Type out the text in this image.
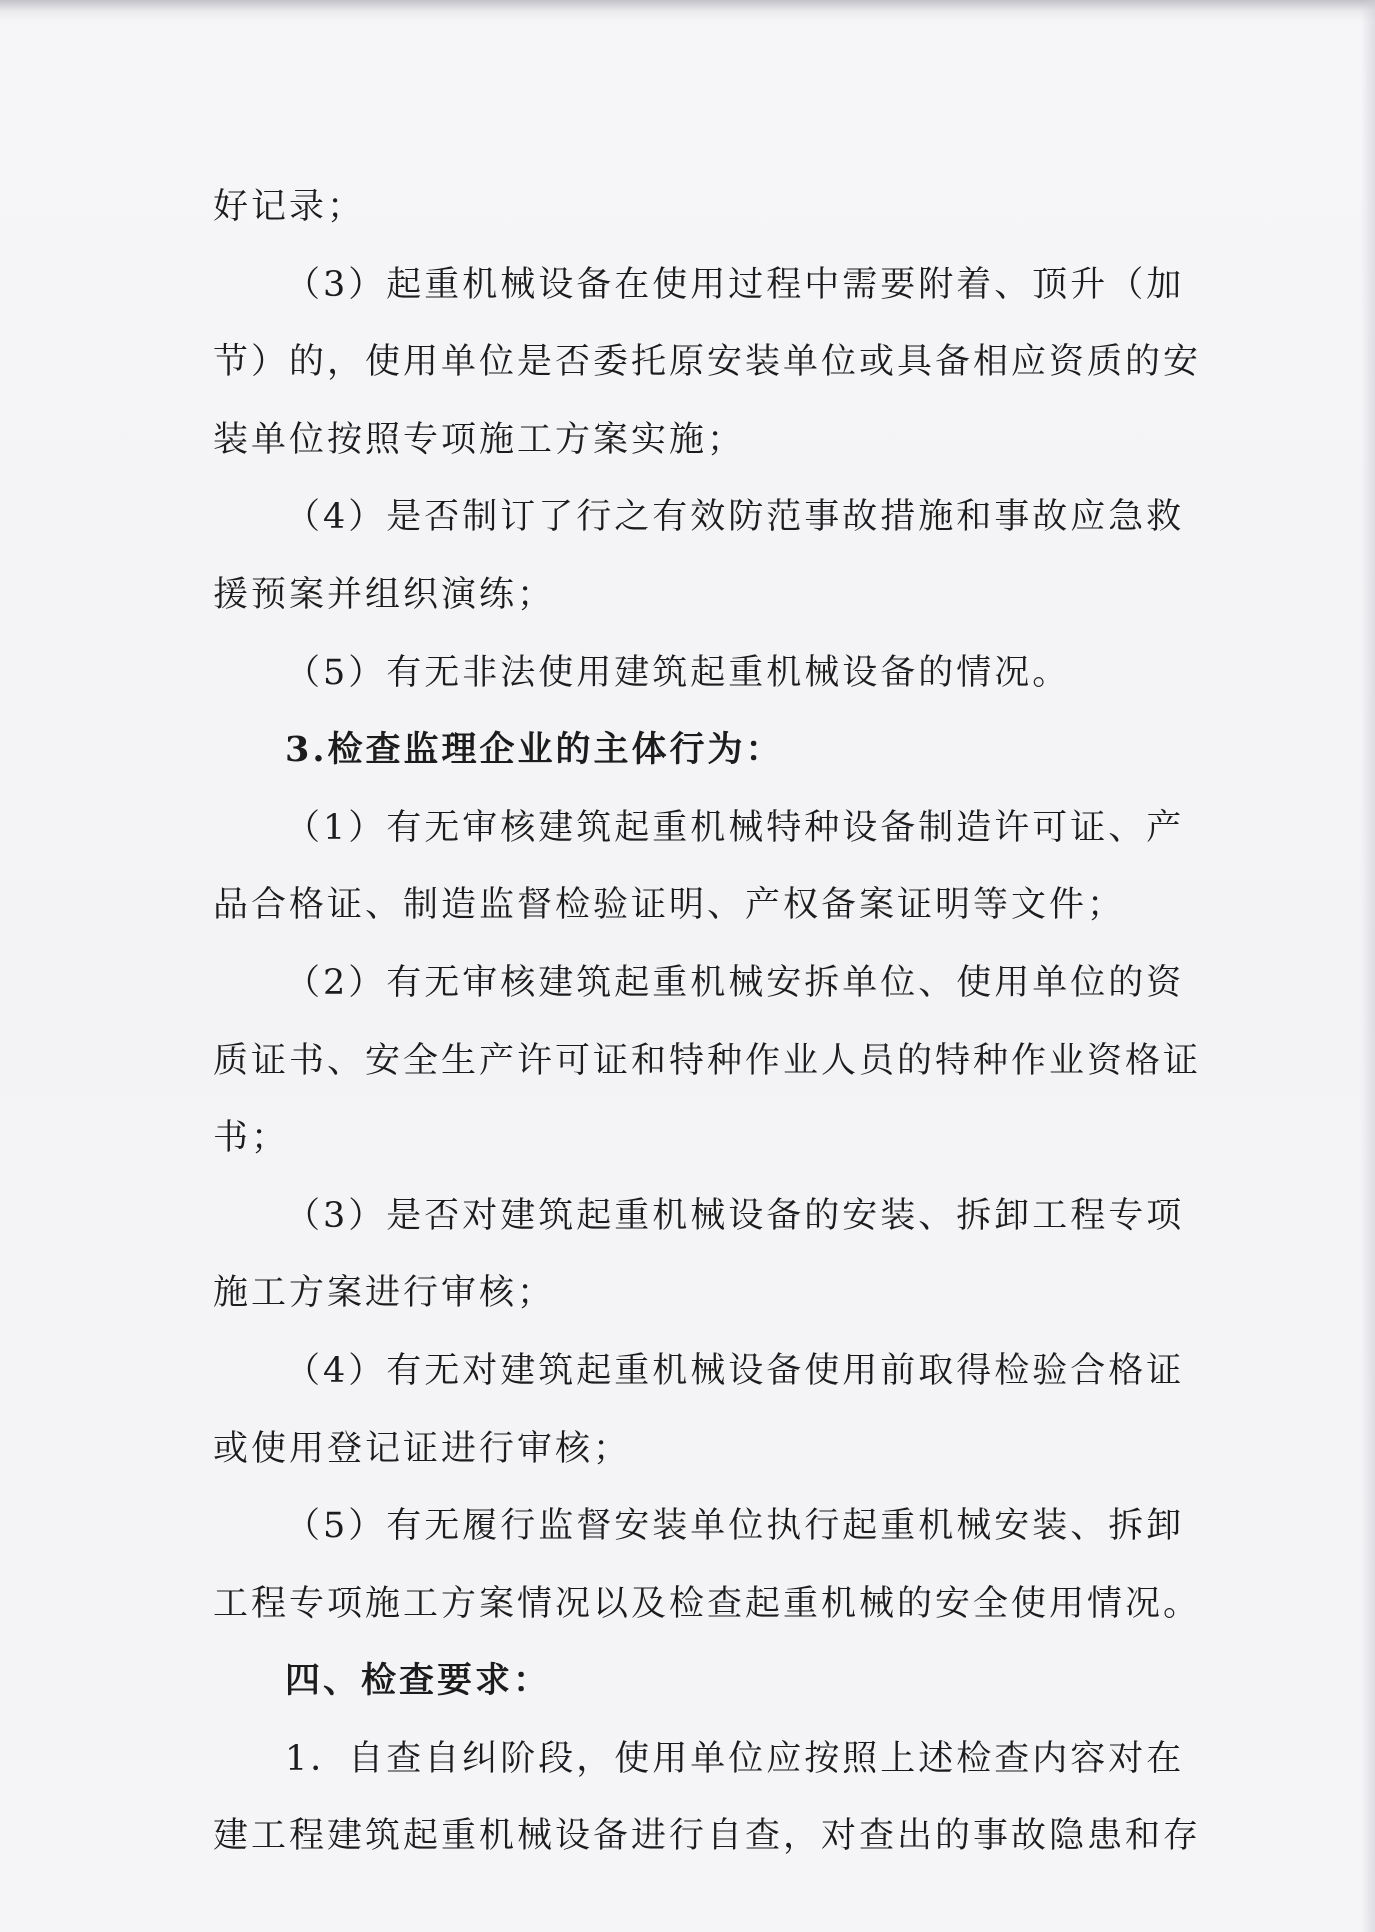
好记录；
（3）起重机械设备在使用过程中需要附着、顶升（加
节）的，使用单位是否委托原安装单位或具备相应资质的安
装单位按照专项施工方案实施；
（4）是否制订了行之有效防范事故措施和事故应急救
援预案并组织演练；
（5）有无非法使用建筑起重机械设备的情况。
3.检查监理企业的主体行为：
（1）有无审核建筑起重机械特种设备制造许可证、产
品合格证、制造监督检验证明、产权备案证明等文件；
（2）有无审核建筑起重机械安拆单位、使用单位的资
质证书、安全生产许可证和特种作业人员的特种作业资格证
书；
（3）是否对建筑起重机械设备的安装、拆卸工程专项
施工方案进行审核；
（4）有无对建筑起重机械设备使用前取得检验合格证
或使用登记证进行审核；
（5）有无履行监督安装单位执行起重机械安装、拆卸
工程专项施工方案情况以及检查起重机械的安全使用情况。
四、检查要求：
1．自查自纠阶段，使用单位应按照上述检查内容对在
建工程建筑起重机械设备进行自查，对查出的事故隐患和存
